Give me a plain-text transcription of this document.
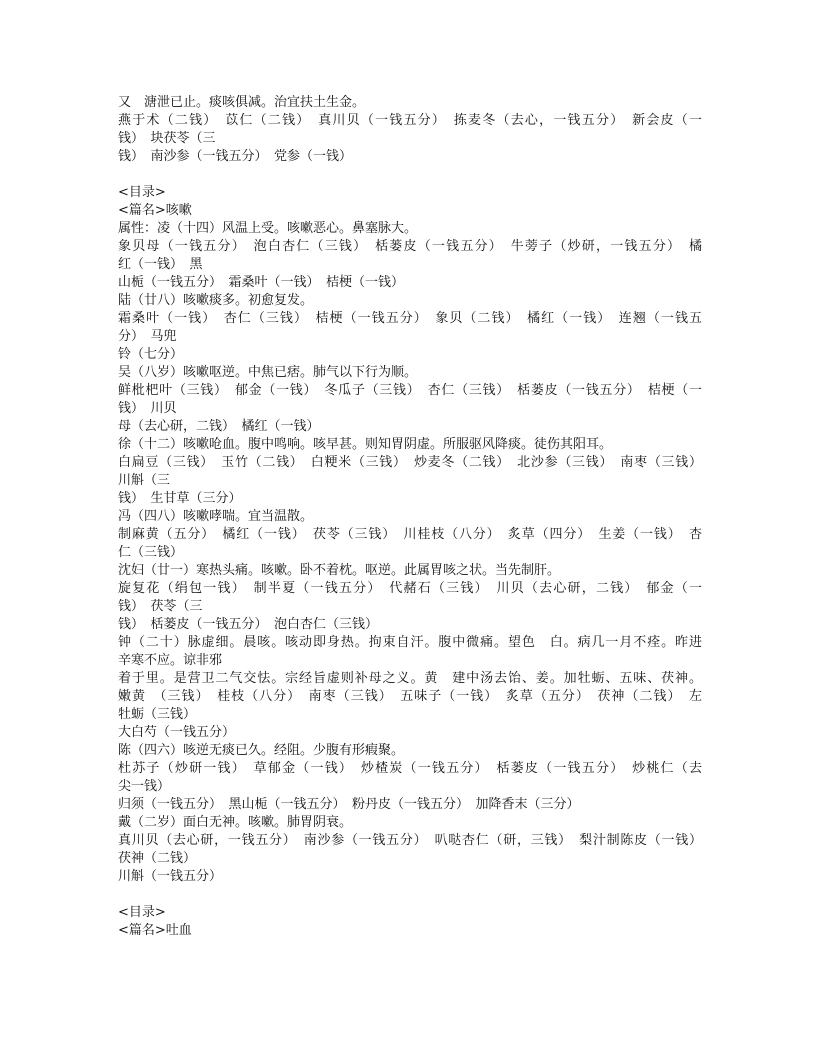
又　溏泄已止。痰咳俱减。治宜扶土生金。

燕于术（二钱）　苡仁（二钱）　真川贝（一钱五分）　拣麦冬（去心，一钱五分）　新会皮（一

钱）　块茯苓（三

钱）　南沙参（一钱五分）　党参（一钱）

<目录>

<篇名>咳嗽

属性：凌（十四）风温上受。咳嗽恶心。鼻塞脉大。

象贝母（一钱五分）　泡白杏仁（三钱）　栝蒌皮（一钱五分）　牛蒡子（炒研，一钱五分）　橘

红（一钱）　黑

山栀（一钱五分）　霜桑叶（一钱）　桔梗（一钱）

陆（廿八）咳嗽痰多。初愈复发。

霜桑叶（一钱）　杏仁（三钱）　桔梗（一钱五分）　象贝（二钱）　橘红（一钱）　连翘（一钱五

分）　马兜

铃（七分）

吴（八岁）咳嗽呕逆。中焦已痞。肺气以下行为顺。

鲜枇杷叶（三钱）　郁金（一钱）　冬瓜子（三钱）　杏仁（三钱）　栝蒌皮（一钱五分）　桔梗（一

钱）　川贝

母（去心研，二钱）　橘红（一钱）

徐（十二）咳嗽呛血。腹中鸣响。咳早甚。则知胃阴虚。所服驱风降痰。徒伤其阳耳。

白扁豆（三钱）　玉竹（二钱）　白粳米（三钱）　炒麦冬（二钱）　北沙参（三钱）　南枣（三钱）

川斛（三

钱）　生甘草（三分）

冯（四八）咳嗽哮喘。宜当温散。

制麻黄（五分）　橘红（一钱）　茯苓（三钱）　川桂枝（八分）　炙草（四分）　生姜（一钱）　杏

仁（三钱）

沈妇（廿一）寒热头痛。咳嗽。卧不着枕。呕逆。此属胃咳之状。当先制肝。

旋复花（绢包一钱）　制半夏（一钱五分）　代赭石（三钱）　川贝（去心研，二钱）　郁金（一

钱）　茯苓（三

钱）　栝蒌皮（一钱五分）　泡白杏仁（三钱）

钟（二十）脉虚细。晨咳。咳动即身热。拘束自汗。腹中微痛。望色　白。病几一月不痊。昨进

辛寒不应。谅非邪

着于里。是营卫二气交怯。宗经旨虚则补母之义。黄　建中汤去饴、姜。加牡蛎、五味、茯神。

嫩黄　（三钱）　桂枝（八分）　南枣（三钱）　五味子（一钱）　炙草（五分）　茯神（二钱）　左

牡蛎（三钱）

大白芍（一钱五分）

陈（四六）咳逆无痰已久。经阻。少腹有形瘕聚。

杜苏子（炒研一钱）　草郁金（一钱）　炒楂炭（一钱五分）　栝蒌皮（一钱五分）　炒桃仁（去

尖一钱）

归须（一钱五分）　黑山栀（一钱五分）　粉丹皮（一钱五分）　加降香末（三分）

戴（二岁）面白无神。咳嗽。肺胃阴衰。

真川贝（去心研，一钱五分）　南沙参（一钱五分）　叭哒杏仁（研，三钱）　梨汁制陈皮（一钱）

茯神（二钱）

川斛（一钱五分）

<目录>

<篇名>吐血
